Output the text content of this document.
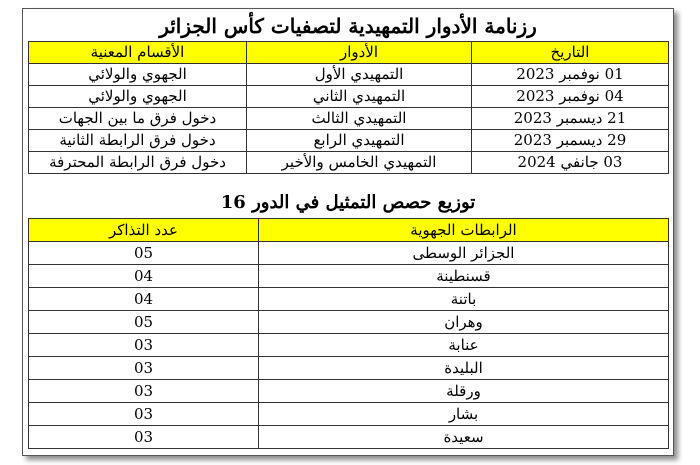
رزنامة الأدوار التمهيدية لتصفيات كأس الجزائر
التاريخ	الأدوار	الأقسام المعنية
01 نوفمبر 2023	التمهيدي الأول	الجهوي والولائي
04 نوفمبر 2023	التمهيدي الثاني	الجهوي والولائي
21 ديسمبر 2023	التمهيدي الثالث	دخول فرق ما بين الجهات
29 ديسمبر 2023	التمهيدي الرابع	دخول فرق الرابطة الثانية
03 جانفي 2024	التمهيدي الخامس والأخير	دخول فرق الرابطة المحترفة
توزيع حصص التمثيل في الدور 16
الرابطات الجهوية	عدد التذاكر
الجزائر الوسطى	05
قسنطينة	04
باتنة	04
وهران	05
عنابة	03
البليدة	03
ورقلة	03
بشار	03
سعيدة	03
